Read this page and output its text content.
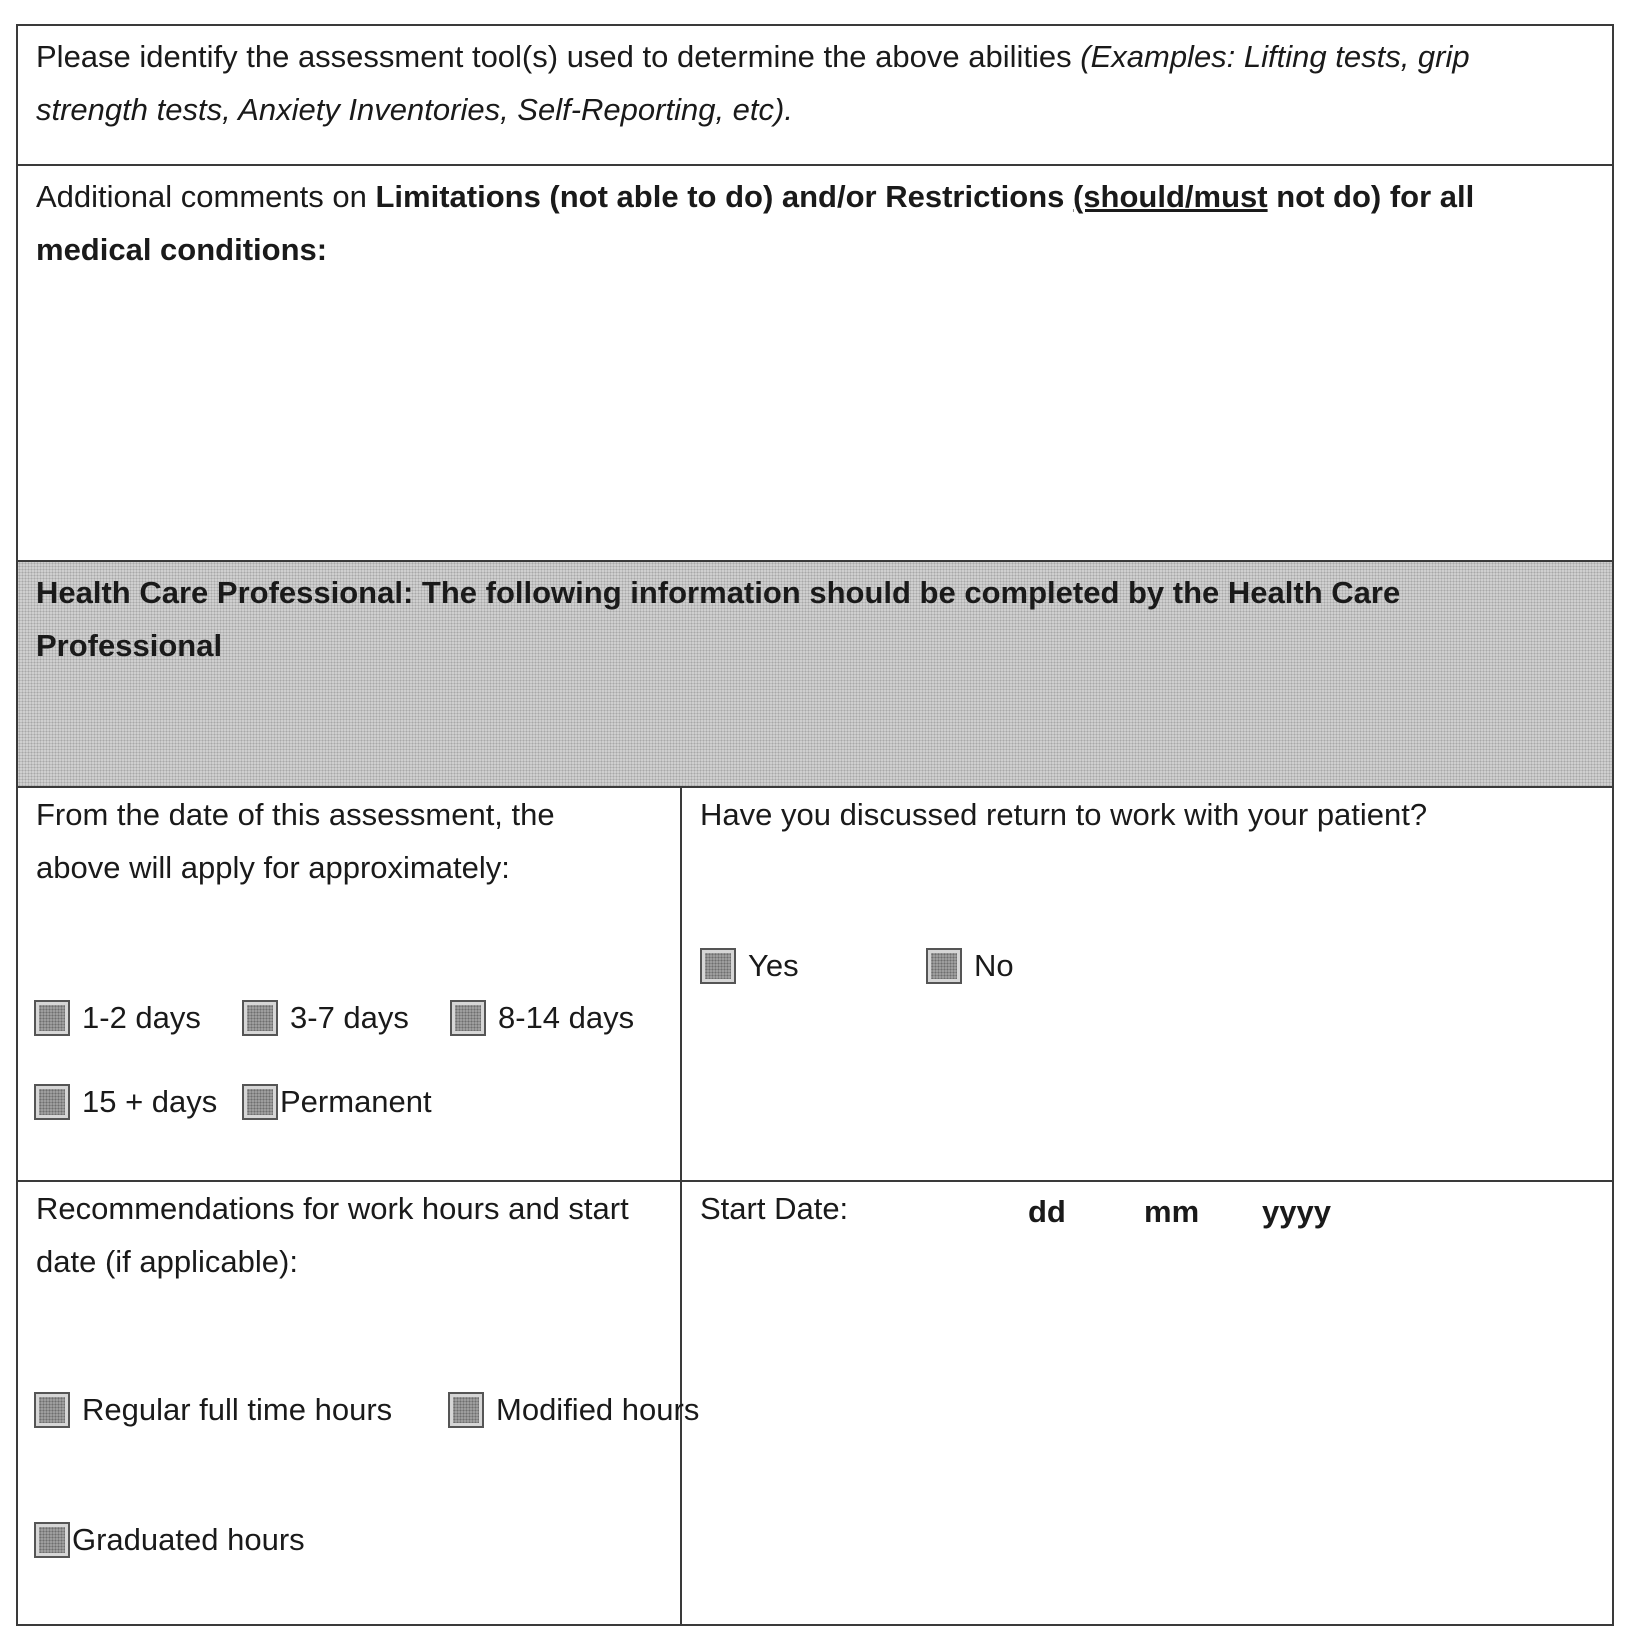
Please identify the assessment tool(s) used to determine the above abilities (Examples: Lifting tests, grip strength tests, Anxiety Inventories, Self-Reporting, etc).
Additional comments on Limitations (not able to do) and/or Restrictions (should/must not do) for all medical conditions:
Health Care Professional: The following information should be completed by the Health Care Professional
From the date of this assessment, the above will apply for approximately:
1-2 days	3-7 days	8-14 days
15 + days Permanent
Have you discussed return to work with your patient?
Yes	No
Recommendations for work hours and start date (if applicable):
Regular full time hours	Modified hours
Graduated hours
Start Date:	dd	mm yyyy
